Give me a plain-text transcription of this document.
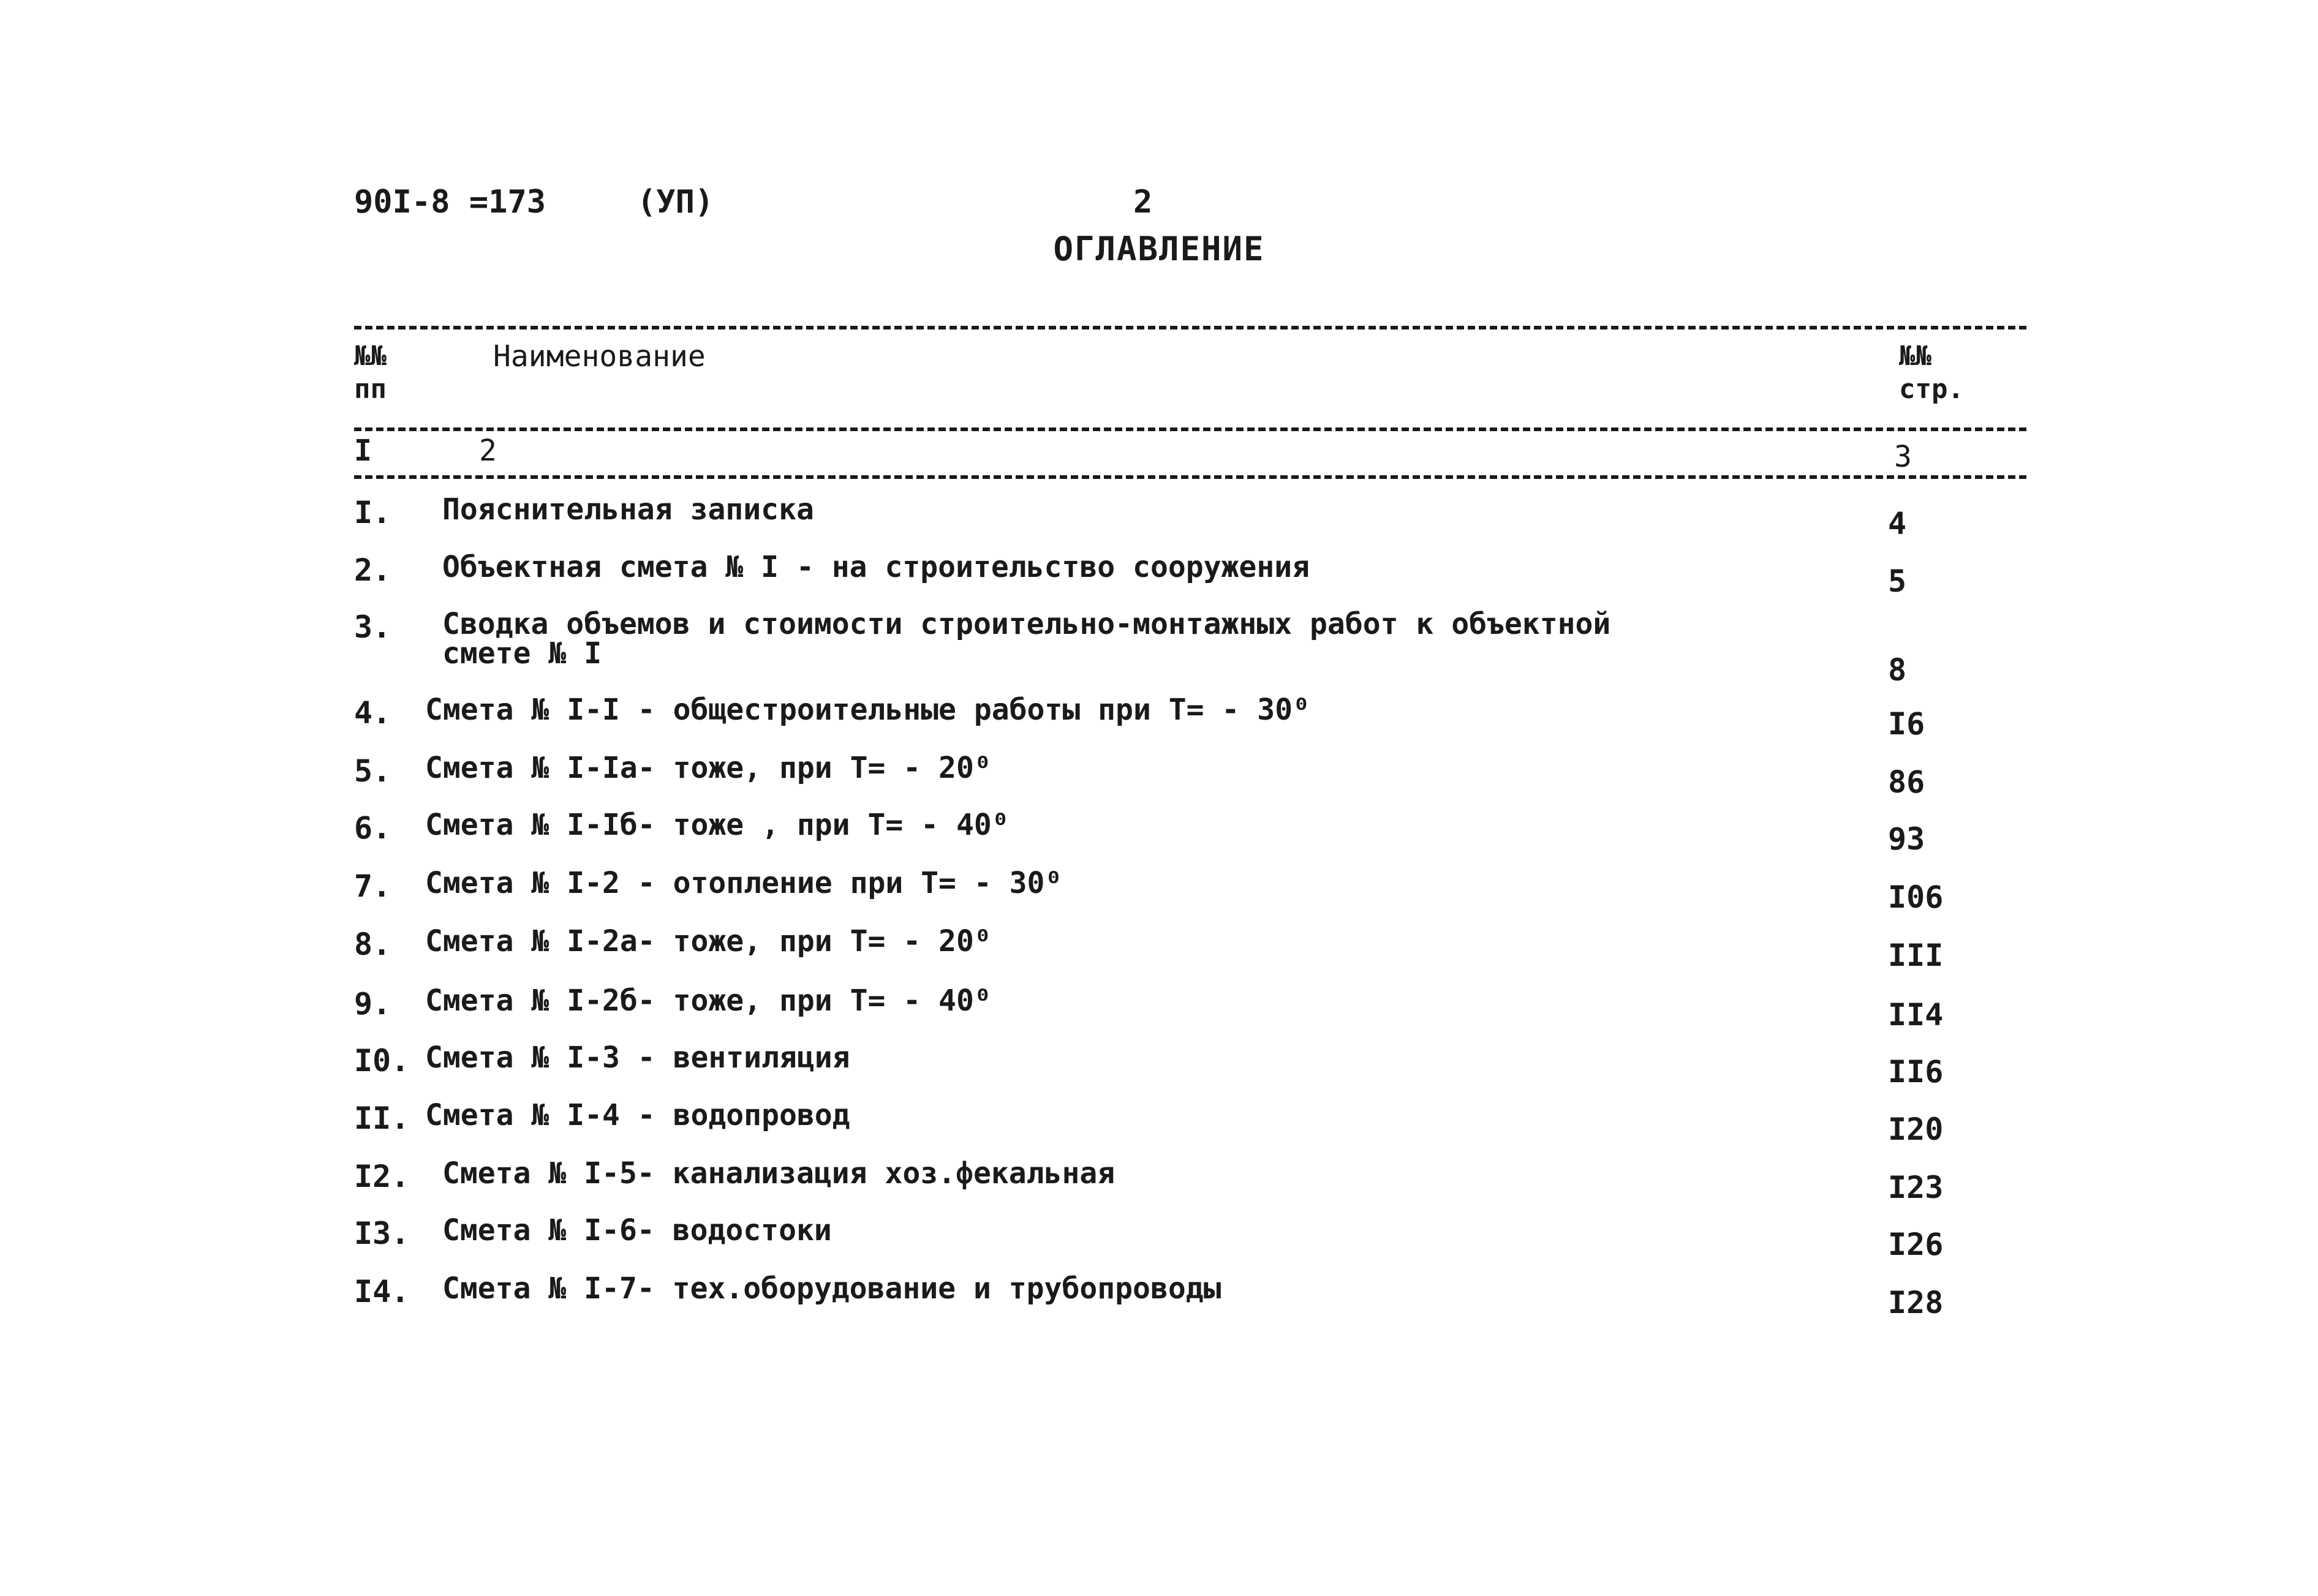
90I-8 =173	(УП)	2
ОГЛАВЛЕНИЕ
№№ пп
Наименование	№№ стр.
I	2	3
I. Пояснительная записка	4
2. Объектная смета № I - на строительство сооружения	5
3. Сводка объемов и стоимости строительно-монтажных работ к объектной
смете № I	8
4. Смета № I-I - общестроительные работы при Т= - 30⁰	I6
5. Смета № I-Iа- тоже, при Т= - 20⁰	86
6. Смета № I-Iб- тоже , при Т= - 40⁰	93
7. Смета № I-2 - отопление при Т= - 30⁰	I06
8. Смета № I-2а- тоже, при Т= - 20⁰	III
9. Смета № I-2б- тоже, при Т= - 40⁰	II4
I0. Смета № I-3 - вентиляция	II6
II. Смета № I-4 - водопровод	I20
I2. Смета № I-5- канализация хоз.фекальная	I23
I3. Смета № I-6- водостоки	I26
I4. Смета № I-7- тех.оборудование и трубопроводы	I28
